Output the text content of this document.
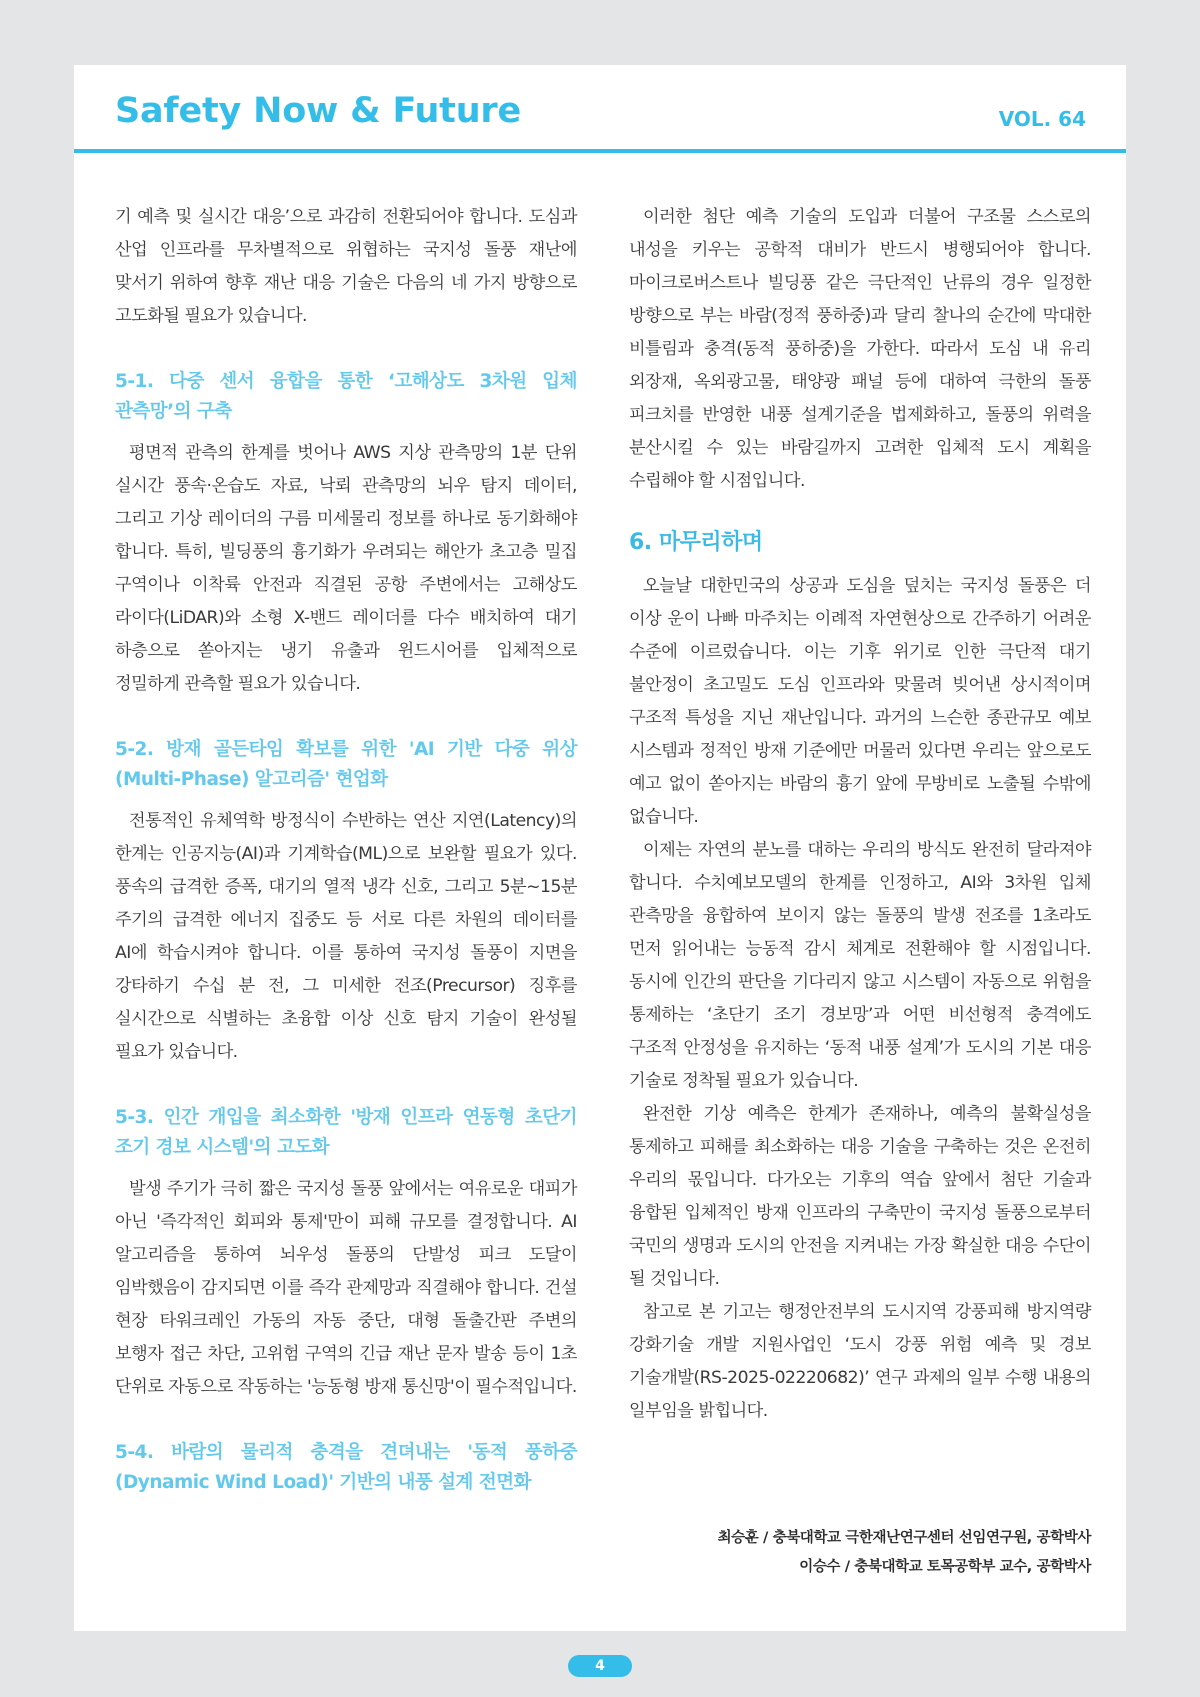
Safety Now & Future	VOL. 64

기 예측 및 실시간 대응’으로 과감히 전환되어야 합니다. 도심과 산업 인프라를 무차별적으로 위협하는 국지성 돌풍 재난에 맞서기 위하여 향후 재난 대응 기술은 다음의 네 가지 방향으로 고도화될 필요가 있습니다.

5-1. 다중 센서 융합을 통한 ‘고해상도 3차원 입체 관측망’의 구축

평면적 관측의 한계를 벗어나 AWS 지상 관측망의 1분 단위 실시간 풍속·온습도 자료, 낙뢰 관측망의 뇌우 탐지 데이터, 그리고 기상 레이더의 구름 미세물리 정보를 하나로 동기화해야 합니다. 특히, 빌딩풍의 흉기화가 우려되는 해안가 초고층 밀집 구역이나 이착륙 안전과 직결된 공항 주변에서는 고해상도 라이다(LiDAR)와 소형 X-밴드 레이더를 다수 배치하여 대기 하층으로 쏟아지는 냉기 유출과 윈드시어를 입체적으로 정밀하게 관측할 필요가 있습니다.

5-2. 방재 골든타임 확보를 위한 'AI 기반 다중 위상(Multi-Phase) 알고리즘' 현업화

전통적인 유체역학 방정식이 수반하는 연산 지연(Latency)의 한계는 인공지능(AI)과 기계학습(ML)으로 보완할 필요가 있다. 풍속의 급격한 증폭, 대기의 열적 냉각 신호, 그리고 5분~15분 주기의 급격한 에너지 집중도 등 서로 다른 차원의 데이터를 AI에 학습시켜야 합니다. 이를 통하여 국지성 돌풍이 지면을 강타하기 수십 분 전, 그 미세한 전조(Precursor) 징후를 실시간으로 식별하는 초융합 이상 신호 탐지 기술이 완성될 필요가 있습니다.

5-3. 인간 개입을 최소화한 '방재 인프라 연동형 초단기 조기 경보 시스템'의 고도화

발생 주기가 극히 짧은 국지성 돌풍 앞에서는 여유로운 대피가 아닌 '즉각적인 회피와 통제'만이 피해 규모를 결정합니다. AI 알고리즘을 통하여 뇌우성 돌풍의 단발성 피크 도달이 임박했음이 감지되면 이를 즉각 관제망과 직결해야 합니다. 건설 현장 타워크레인 가동의 자동 중단, 대형 돌출간판 주변의 보행자 접근 차단, 고위험 구역의 긴급 재난 문자 발송 등이 1초 단위로 자동으로 작동하는 '능동형 방재 통신망'이 필수적입니다.

5-4. 바람의 물리적 충격을 견뎌내는 '동적 풍하중(Dynamic Wind Load)' 기반의 내풍 설계 전면화

이러한 첨단 예측 기술의 도입과 더불어 구조물 스스로의 내성을 키우는 공학적 대비가 반드시 병행되어야 합니다. 마이크로버스트나 빌딩풍 같은 극단적인 난류의 경우 일정한 방향으로 부는 바람(정적 풍하중)과 달리 찰나의 순간에 막대한 비틀림과 충격(동적 풍하중)을 가한다. 따라서 도심 내 유리 외장재, 옥외광고물, 태양광 패널 등에 대하여 극한의 돌풍 피크치를 반영한 내풍 설계기준을 법제화하고, 돌풍의 위력을 분산시킬 수 있는 바람길까지 고려한 입체적 도시 계획을 수립해야 할 시점입니다.

6. 마무리하며

오늘날 대한민국의 상공과 도심을 덮치는 국지성 돌풍은 더 이상 운이 나빠 마주치는 이례적 자연현상으로 간주하기 어려운 수준에 이르렀습니다. 이는 기후 위기로 인한 극단적 대기 불안정이 초고밀도 도심 인프라와 맞물려 빚어낸 상시적이며 구조적 특성을 지닌 재난입니다. 과거의 느슨한 종관규모 예보 시스템과 정적인 방재 기준에만 머물러 있다면 우리는 앞으로도 예고 없이 쏟아지는 바람의 흉기 앞에 무방비로 노출될 수밖에 없습니다.

이제는 자연의 분노를 대하는 우리의 방식도 완전히 달라져야 합니다. 수치예보모델의 한계를 인정하고, AI와 3차원 입체 관측망을 융합하여 보이지 않는 돌풍의 발생 전조를 1초라도 먼저 읽어내는 능동적 감시 체계로 전환해야 할 시점입니다. 동시에 인간의 판단을 기다리지 않고 시스템이 자동으로 위험을 통제하는 ‘초단기 조기 경보망’과 어떤 비선형적 충격에도 구조적 안정성을 유지하는 ‘동적 내풍 설계’가 도시의 기본 대응 기술로 정착될 필요가 있습니다.

완전한 기상 예측은 한계가 존재하나, 예측의 불확실성을 통제하고 피해를 최소화하는 대응 기술을 구축하는 것은 온전히 우리의 몫입니다. 다가오는 기후의 역습 앞에서 첨단 기술과 융합된 입체적인 방재 인프라의 구축만이 국지성 돌풍으로부터 국민의 생명과 도시의 안전을 지켜내는 가장 확실한 대응 수단이 될 것입니다.

참고로 본 기고는 행정안전부의 도시지역 강풍피해 방지역량 강화기술 개발 지원사업인 ‘도시 강풍 위험 예측 및 경보 기술개발(RS-2025-02220682)’ 연구 과제의 일부 수행 내용의 일부임을 밝힙니다.

최승훈 / 충북대학교 극한재난연구센터 선임연구원, 공학박사
이승수 / 충북대학교 토목공학부 교수, 공학박사
4
